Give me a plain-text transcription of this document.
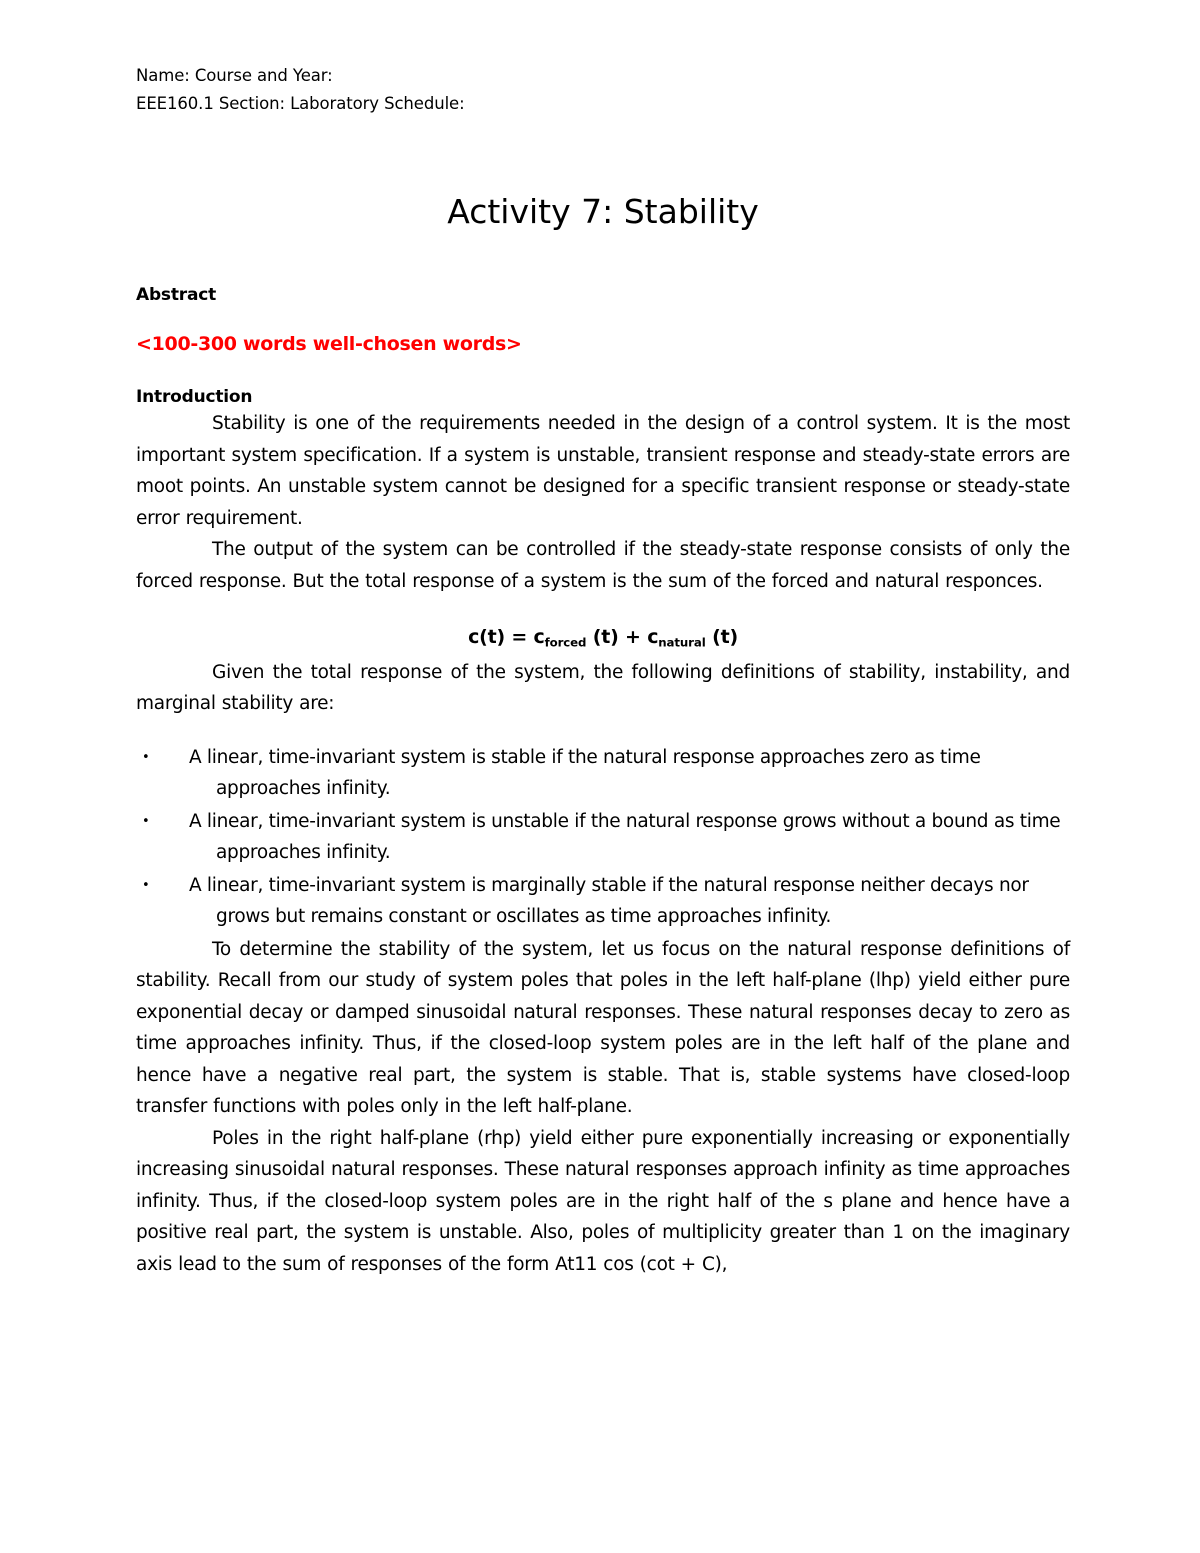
Name: Course and Year:
EEE160.1 Section: Laboratory Schedule:
Activity 7: Stability
Abstract
<100-300 words well-chosen words>
Introduction

Stability is one of the requirements needed in the design of a control system. It is the most important system specification. If a system is unstable, transient response and steady-state errors are moot points. An unstable system cannot be designed for a specific transient response or steady-state error requirement.

The output of the system can be controlled if the steady-state response consists of only the forced response. But the total response of a system is the sum of the forced and natural responces.

$c(t) = c_{forced}$ $(t) + c_{natural}$ (t)

Given the total response of the system, the following definitions of stability, instability, and marginal stability are:

• A linear, time-invariant system is stable if the natural response approaches zero as time approaches infinity.
• A linear, time-invariant system is unstable if the natural response grows without a bound as time approaches infinity.
• A linear, time-invariant system is marginally stable if the natural response neither decays nor grows but remains constant or oscillates as time approaches infinity.

To determine the stability of the system, let us focus on the natural response definitions of stability. Recall from our study of system poles that poles in the left half-plane (lhp) yield either pure exponential decay or damped sinusoidal natural responses. These natural responses decay to zero as time approaches infinity. Thus, if the closed-loop system poles are in the left half of the plane and hence have a negative real part, the system is stable. That is, stable systems have closed-loop transfer functions with poles only in the left half-plane.

Poles in the right half-plane (rhp) yield either pure exponentially increasing or exponentially increasing sinusoidal natural responses. These natural responses approach infinity as time approaches infinity. Thus, if the closed-loop system poles are in the right half of the s plane and hence have a positive real part, the system is unstable. Also, poles of multiplicity greater than 1 on the imaginary axis lead to the sum of responses of the form At11 cos (cot + C),
